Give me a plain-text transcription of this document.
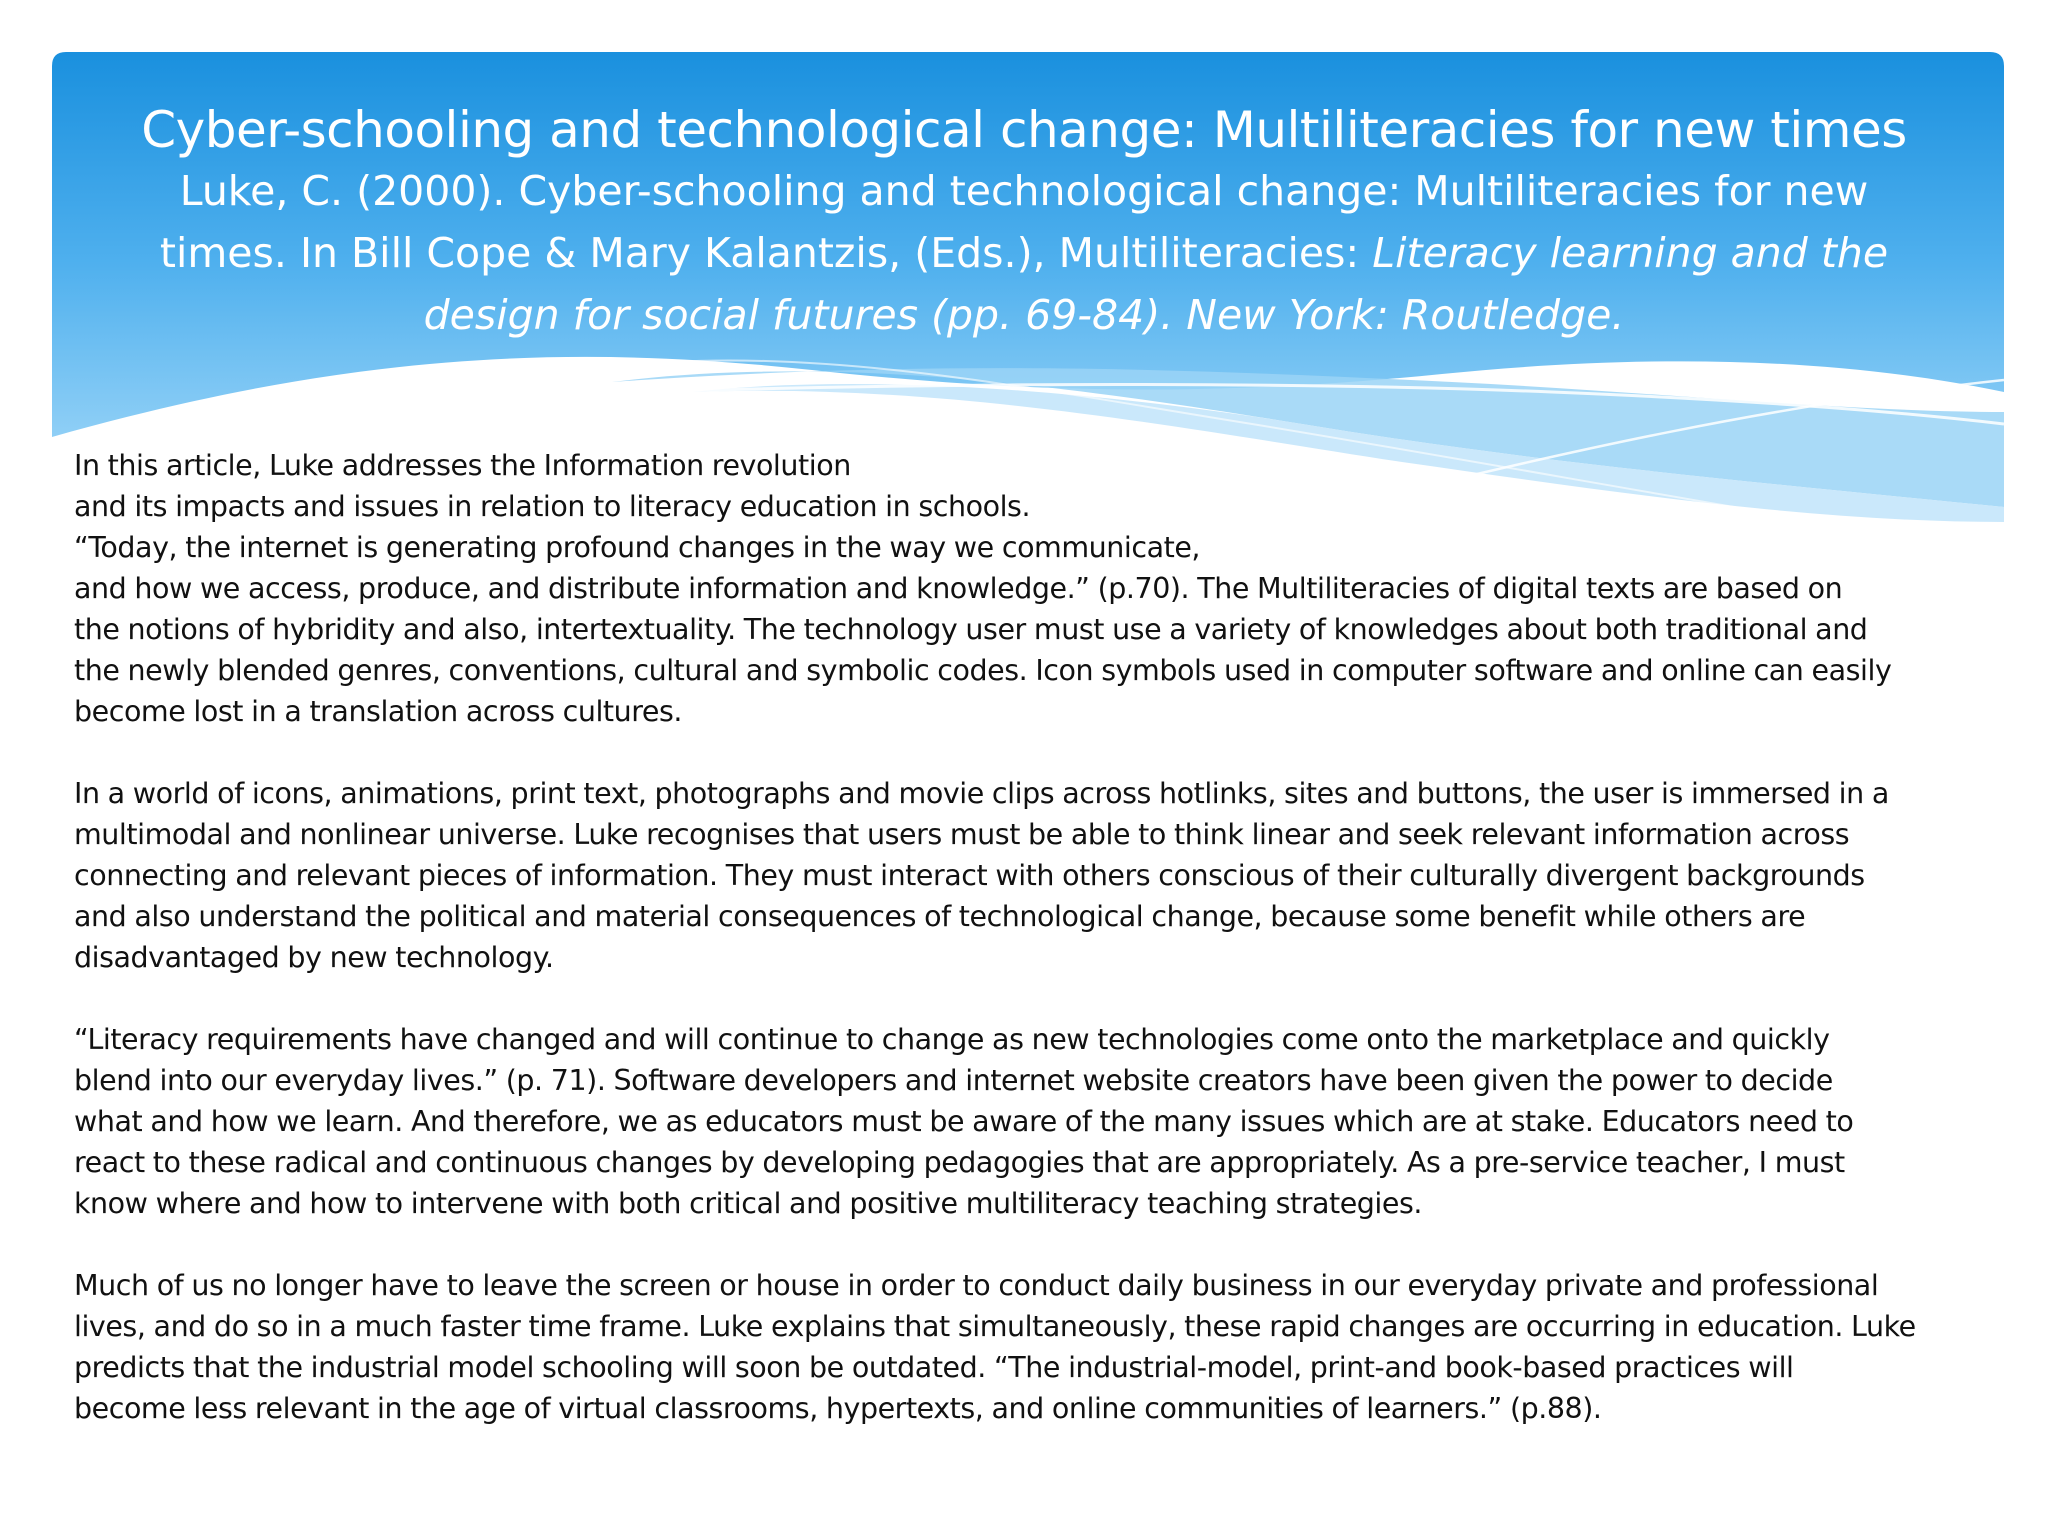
Cyber-schooling and technological change: Multiliteracies for new times
Luke, C. (2000). Cyber-schooling and technological change: Multiliteracies for new
times. In Bill Cope & Mary Kalantzis, (Eds.), Multiliteracies: Literacy learning and the
design for social futures (pp. 69-84). New York: Routledge.

In this article, Luke addresses the Information revolution
and its impacts and issues in relation to literacy education in schools.
“Today, the internet is generating profound changes in the way we communicate,
and how we access, produce, and distribute information and knowledge.” (p.70). The Multiliteracies of digital texts are based on
the notions of hybridity and also, intertextuality. The technology user must use a variety of knowledges about both traditional and
the newly blended genres, conventions, cultural and symbolic codes. Icon symbols used in computer software and online can easily
become lost in a translation across cultures.

In a world of icons, animations, print text, photographs and movie clips across hotlinks, sites and buttons, the user is immersed in a
multimodal and nonlinear universe. Luke recognises that users must be able to think linear and seek relevant information across
connecting and relevant pieces of information. They must interact with others conscious of their culturally divergent backgrounds
and also understand the political and material consequences of technological change, because some benefit while others are
disadvantaged by new technology.

“Literacy requirements have changed and will continue to change as new technologies come onto the marketplace and quickly
blend into our everyday lives.” (p. 71). Software developers and internet website creators have been given the power to decide
what and how we learn. And therefore, we as educators must be aware of the many issues which are at stake. Educators need to
react to these radical and continuous changes by developing pedagogies that are appropriately. As a pre-service teacher, I must
know where and how to intervene with both critical and positive multiliteracy teaching strategies.

Much of us no longer have to leave the screen or house in order to conduct daily business in our everyday private and professional
lives, and do so in a much faster time frame. Luke explains that simultaneously, these rapid changes are occurring in education. Luke
predicts that the industrial model schooling will soon be outdated. “The industrial-model, print-and book-based practices will
become less relevant in the age of virtual classrooms, hypertexts, and online communities of learners.” (p.88).
